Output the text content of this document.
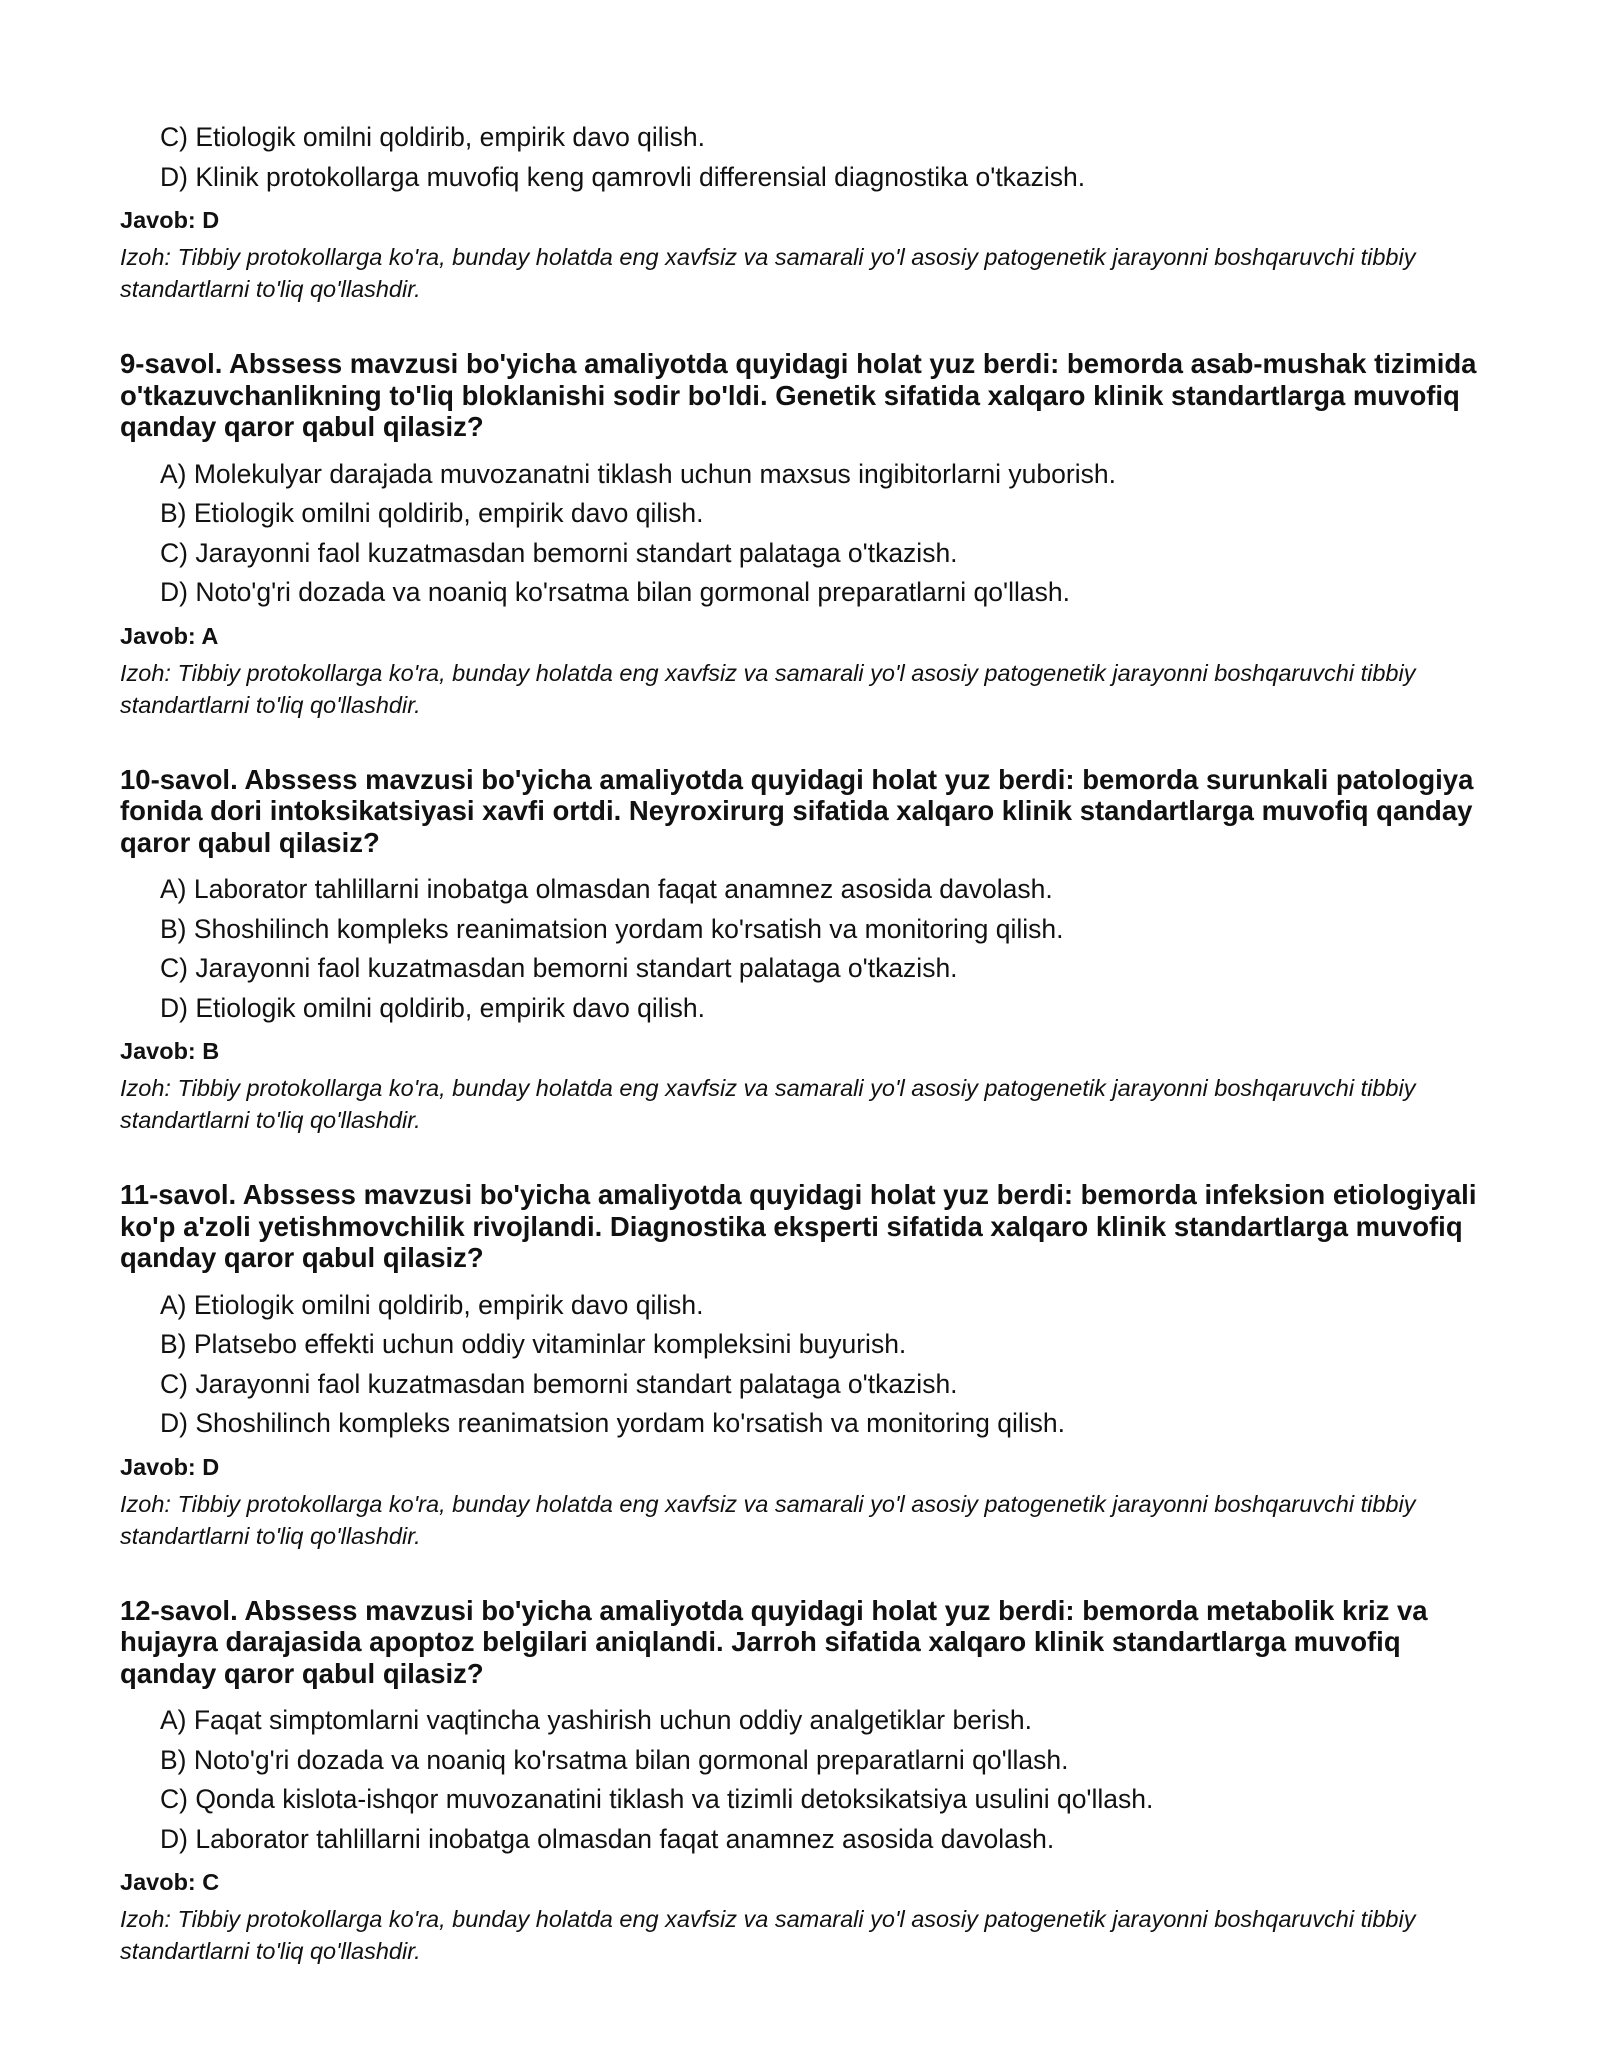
C) Etiologik omilni qoldirib, empirik davo qilish.
D) Klinik protokollarga muvofiq keng qamrovli differensial diagnostika o'tkazish.
Javob: D
Izoh: Tibbiy protokollarga ko'ra, bunday holatda eng xavfsiz va samarali yo'l asosiy patogenetik jarayonni boshqaruvchi tibbiy standartlarni to'liq qo'llashdir.
9-savol. Abssess mavzusi bo'yicha amaliyotda quyidagi holat yuz berdi: bemorda asab-mushak tizimida o'tkazuvchanlikning to'liq bloklanishi sodir bo'ldi. Genetik sifatida xalqaro klinik standartlarga muvofiq qanday qaror qabul qilasiz?
A) Molekulyar darajada muvozanatni tiklash uchun maxsus ingibitorlarni yuborish.
B) Etiologik omilni qoldirib, empirik davo qilish.
C) Jarayonni faol kuzatmasdan bemorni standart palataga o'tkazish.
D) Noto'g'ri dozada va noaniq ko'rsatma bilan gormonal preparatlarni qo'llash.
Javob: A
Izoh: Tibbiy protokollarga ko'ra, bunday holatda eng xavfsiz va samarali yo'l asosiy patogenetik jarayonni boshqaruvchi tibbiy standartlarni to'liq qo'llashdir.
10-savol. Abssess mavzusi bo'yicha amaliyotda quyidagi holat yuz berdi: bemorda surunkali patologiya fonida dori intoksikatsiyasi xavfi ortdi. Neyroxirurg sifatida xalqaro klinik standartlarga muvofiq qanday qaror qabul qilasiz?
A) Laborator tahlillarni inobatga olmasdan faqat anamnez asosida davolash.
B) Shoshilinch kompleks reanimatsion yordam ko'rsatish va monitoring qilish.
C) Jarayonni faol kuzatmasdan bemorni standart palataga o'tkazish.
D) Etiologik omilni qoldirib, empirik davo qilish.
Javob: B
Izoh: Tibbiy protokollarga ko'ra, bunday holatda eng xavfsiz va samarali yo'l asosiy patogenetik jarayonni boshqaruvchi tibbiy standartlarni to'liq qo'llashdir.
11-savol. Abssess mavzusi bo'yicha amaliyotda quyidagi holat yuz berdi: bemorda infeksion etiologiyali ko'p a'zoli yetishmovchilik rivojlandi. Diagnostika eksperti sifatida xalqaro klinik standartlarga muvofiq qanday qaror qabul qilasiz?
A) Etiologik omilni qoldirib, empirik davo qilish.
B) Platsebo effekti uchun oddiy vitaminlar kompleksini buyurish.
C) Jarayonni faol kuzatmasdan bemorni standart palataga o'tkazish.
D) Shoshilinch kompleks reanimatsion yordam ko'rsatish va monitoring qilish.
Javob: D
Izoh: Tibbiy protokollarga ko'ra, bunday holatda eng xavfsiz va samarali yo'l asosiy patogenetik jarayonni boshqaruvchi tibbiy standartlarni to'liq qo'llashdir.
12-savol. Abssess mavzusi bo'yicha amaliyotda quyidagi holat yuz berdi: bemorda metabolik kriz va hujayra darajasida apoptoz belgilari aniqlandi. Jarroh sifatida xalqaro klinik standartlarga muvofiq qanday qaror qabul qilasiz?
A) Faqat simptomlarni vaqtincha yashirish uchun oddiy analgetiklar berish.
B) Noto'g'ri dozada va noaniq ko'rsatma bilan gormonal preparatlarni qo'llash.
C) Qonda kislota-ishqor muvozanatini tiklash va tizimli detoksikatsiya usulini qo'llash.
D) Laborator tahlillarni inobatga olmasdan faqat anamnez asosida davolash.
Javob: C
Izoh: Tibbiy protokollarga ko'ra, bunday holatda eng xavfsiz va samarali yo'l asosiy patogenetik jarayonni boshqaruvchi tibbiy standartlarni to'liq qo'llashdir.
